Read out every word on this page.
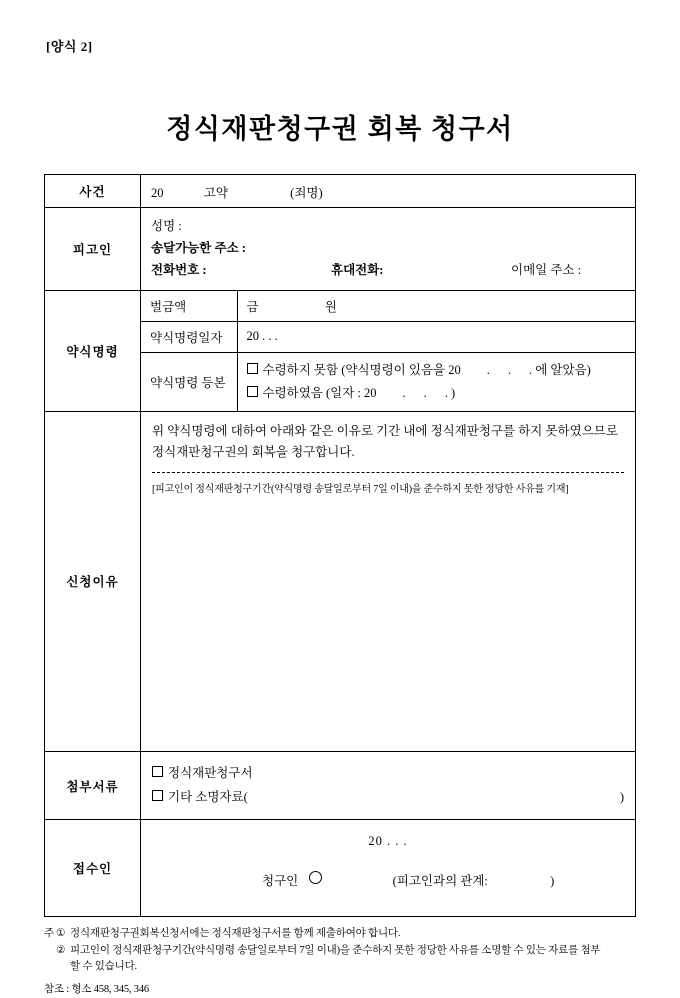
[양식 2]
정식재판청구권 회복 청구서
사건	20	고약	(죄명)

피고인	
성명 :
송달가능한 주소 :
전화번호 :	휴대전화:	이메일 주소 :

약식명령	
벌금액	금	원
약식명령일자	20 . . .
약식명령 등본	
수령하지 못함 (약식명령이 있음을 20 . . . 에 알았음)
수령하였음 (일자 : 20 . . . )

신청이유	
위 약식명령에 대하여 아래와 같은 이유로 기간 내에 정식재판청구를 하지 못하였으므로 정식재판청구권의 회복을 청구합니다.
[피고인이 정식재판청구기간(약식명령 송달일로부터 7일 이내)을 준수하지 못한 정당한 사유를 기재]

첨부서류	
정식재판청구서
기타 소명자료(	)

접수인	
20 . . .
청구인	(피고인과의 관계:	)
주 ① 정식재판청구권회복신청서에는 정식재판청구서를 함께 제출하여야 합니다.
② 피고인이 정식재판청구기간(약식명령 송달일로부터 7일 이내)을 준수하지 못한 정당한 사유를 소명할 수 있는 자료를 첨부
할 수 있습니다.
참조 : 형소 458, 345, 346
